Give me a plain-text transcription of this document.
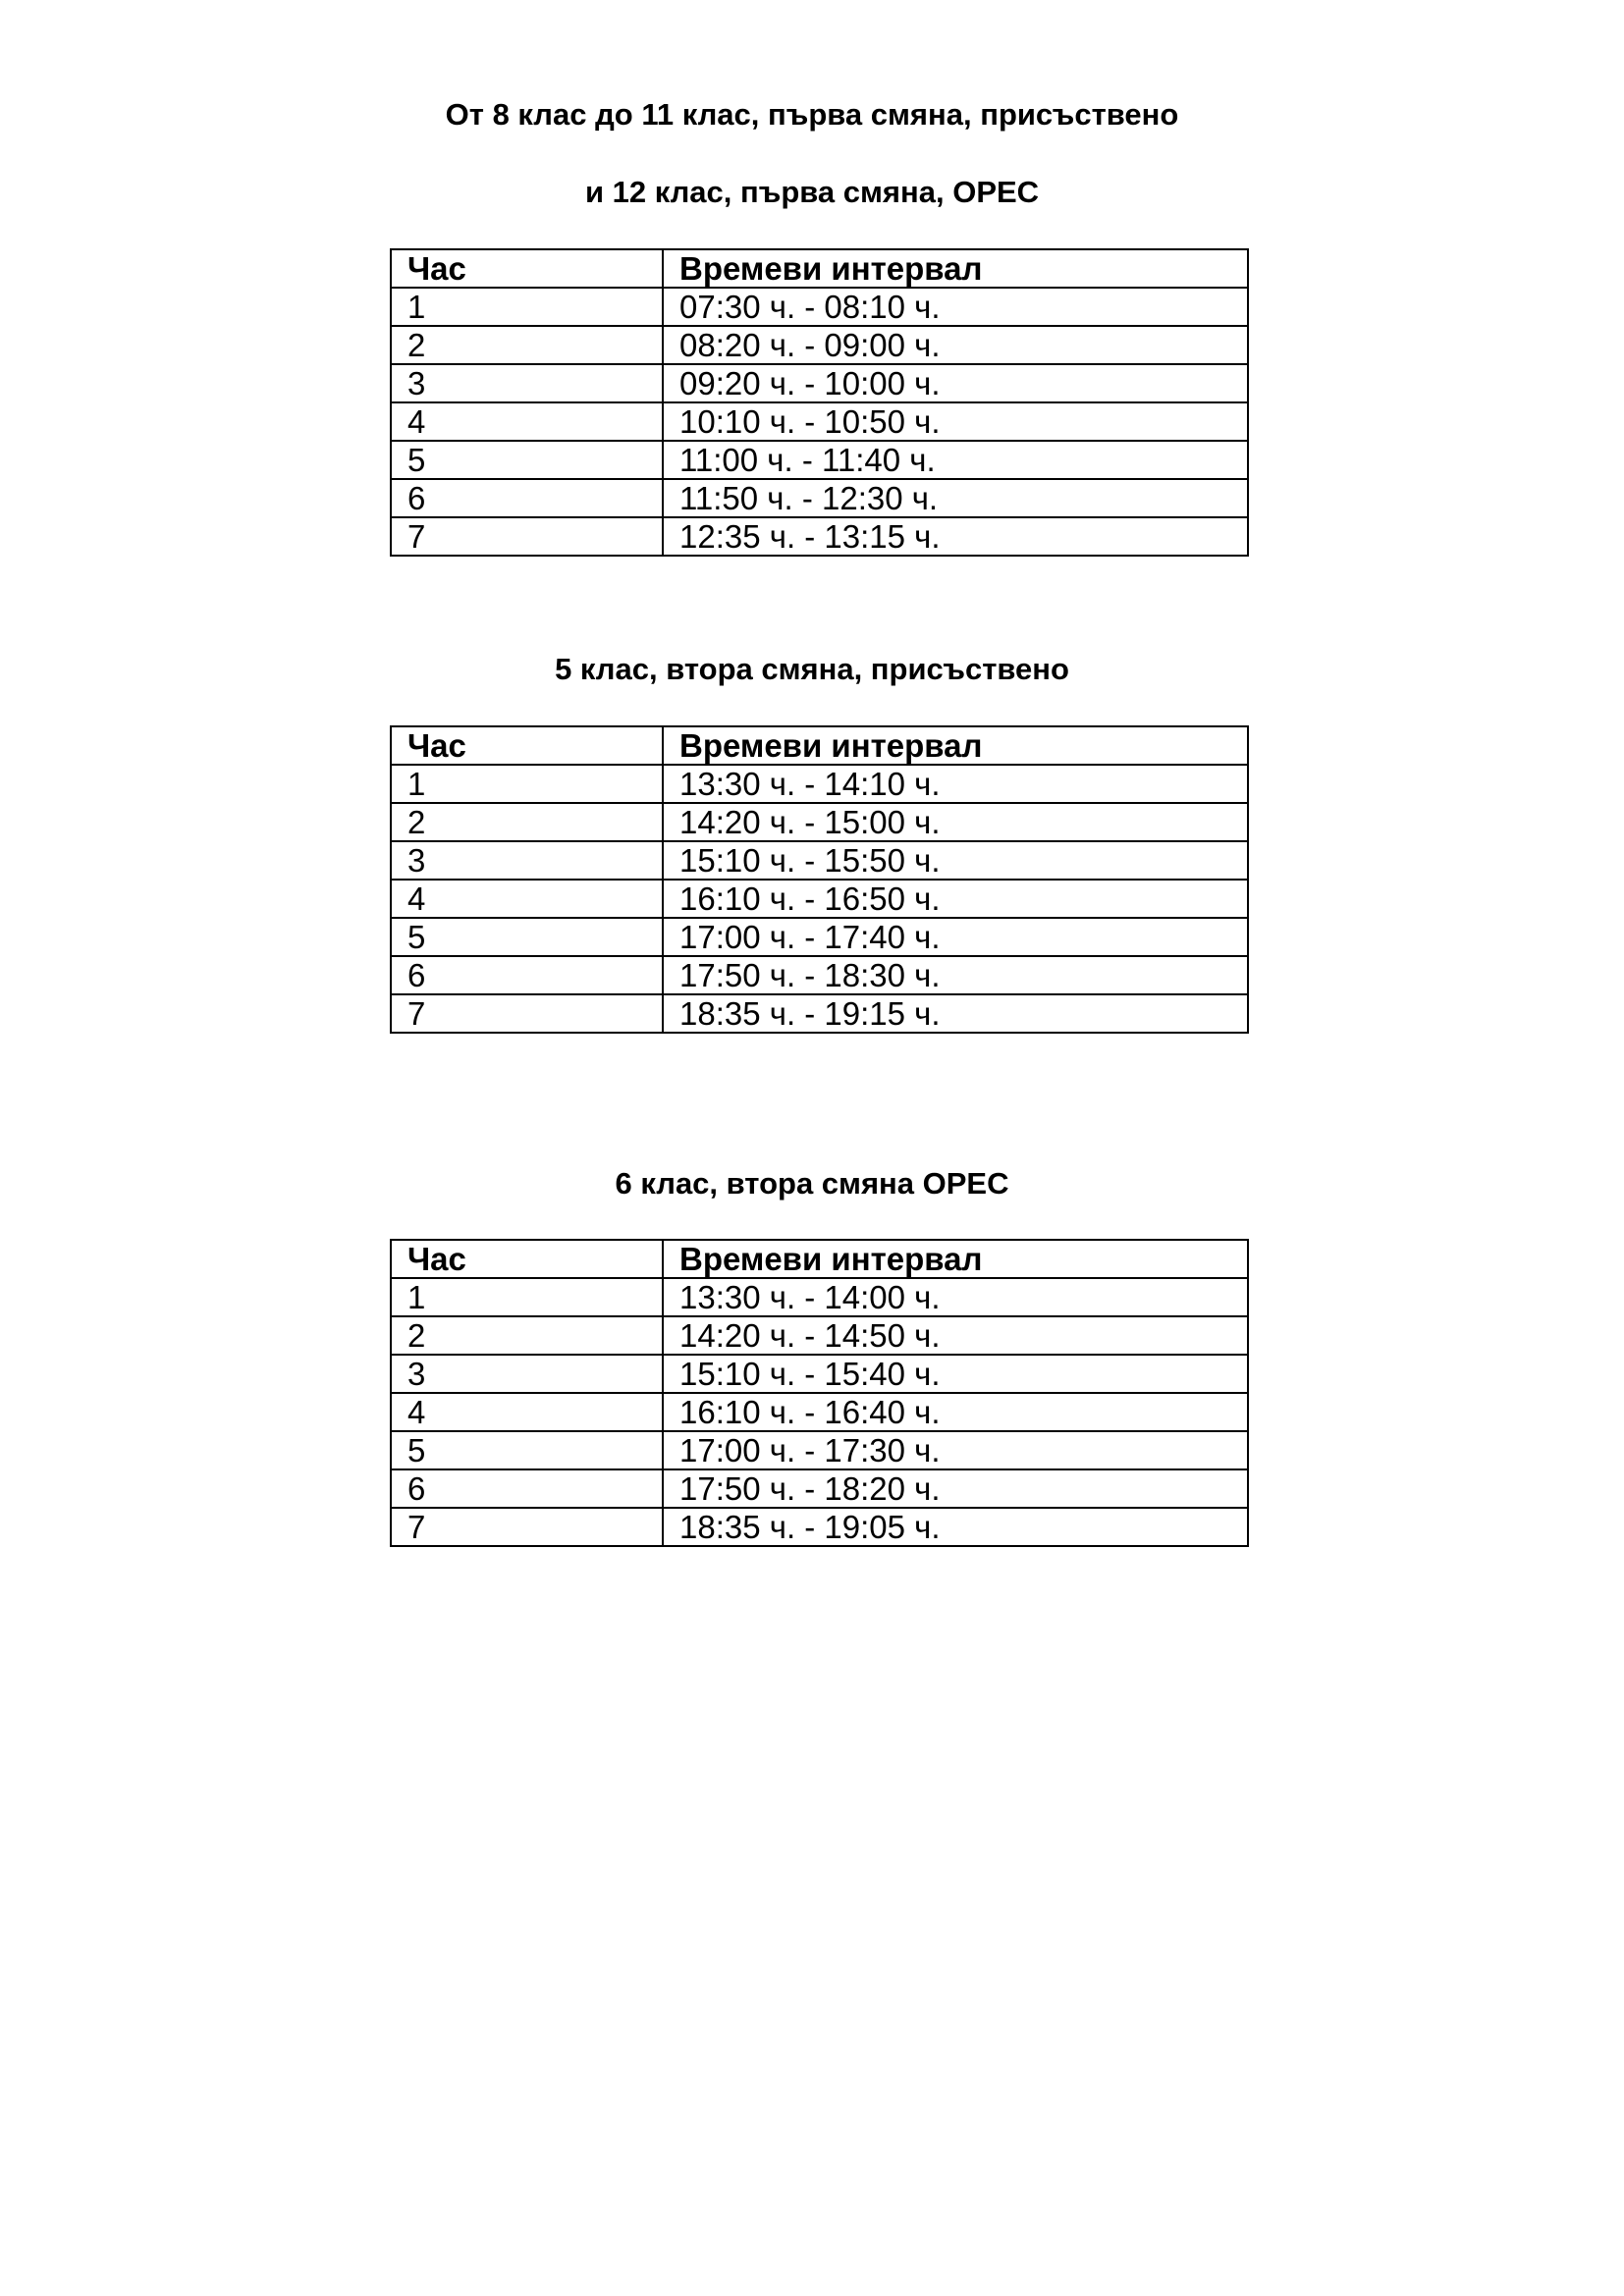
От 8 клас до 11 клас, първа смяна, присъствено
и 12 клас, първа смяна, ОРЕС
Час	Времеви интервал
1	07:30 ч. - 08:10 ч.
2	08:20 ч. - 09:00 ч.
3	09:20 ч. - 10:00 ч.
4	10:10 ч. - 10:50 ч.
5	11:00 ч. - 11:40 ч.
6	11:50 ч. - 12:30 ч.
7	12:35 ч. - 13:15 ч.
5 клас, втора смяна, присъствено
Час	Времеви интервал
1	13:30 ч. - 14:10 ч.
2	14:20 ч. - 15:00 ч.
3	15:10 ч. - 15:50 ч.
4	16:10 ч. - 16:50 ч.
5	17:00 ч. - 17:40 ч.
6	17:50 ч. - 18:30 ч.
7	18:35 ч. - 19:15 ч.
6 клас, втора смяна ОРЕС
Час	Времеви интервал
1	13:30 ч. - 14:00 ч.
2	14:20 ч. - 14:50 ч.
3	15:10 ч. - 15:40 ч.
4	16:10 ч. - 16:40 ч.
5	17:00 ч. - 17:30 ч.
6	17:50 ч. - 18:20 ч.
7	18:35 ч. - 19:05 ч.
